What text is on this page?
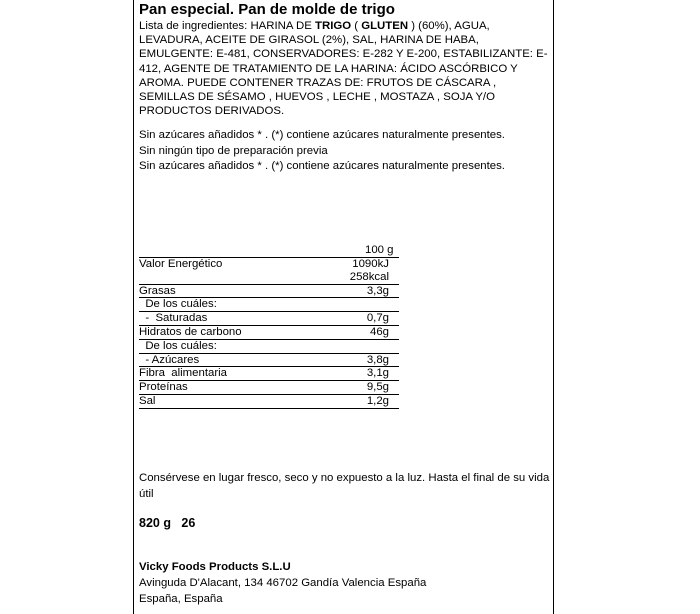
Pan especial. Pan de molde de trigo
Lista de ingredientes: HARINA DE TRIGO ( GLUTEN ) (60%), AGUA, LEVADURA, ACEITE DE GIRASOL (2%), SAL, HARINA DE HABA, EMULGENTE: E-481, CONSERVADORES: E-282 Y E-200, ESTABILIZANTE: E-412, AGENTE DE TRATAMIENTO DE LA HARINA: ÁCIDO ASCÓRBICO Y AROMA. PUEDE CONTENER TRAZAS DE: FRUTOS DE CÁSCARA , SEMILLAS DE SÉSAMO , HUEVOS , LECHE , MOSTAZA , SOJA Y/O PRODUCTOS DERIVADOS.
Sin azúcares añadidos * . (*) contiene azúcares naturalmente presentes.
Sin ningún tipo de preparación previa
Sin azúcares añadidos * . (*) contiene azúcares naturalmente presentes.
100 g
Valor Energético	1090kJ
258kcal
Grasas	3,3g
De los cuáles:
-  Saturadas	0,7g
Hidratos de carbono	46g
De los cuáles:
- Azúcares	3,8g
Fibra  alimentaria	3,1g
Proteínas	9,5g
Sal	1,2g
Consérvese en lugar fresco, seco y no expuesto a la luz. Hasta el final de su vida útil
820 g 26
Vicky Foods Products S.L.U
Avinguda D'Alacant, 134 46702 Gandía Valencia España
España, España
